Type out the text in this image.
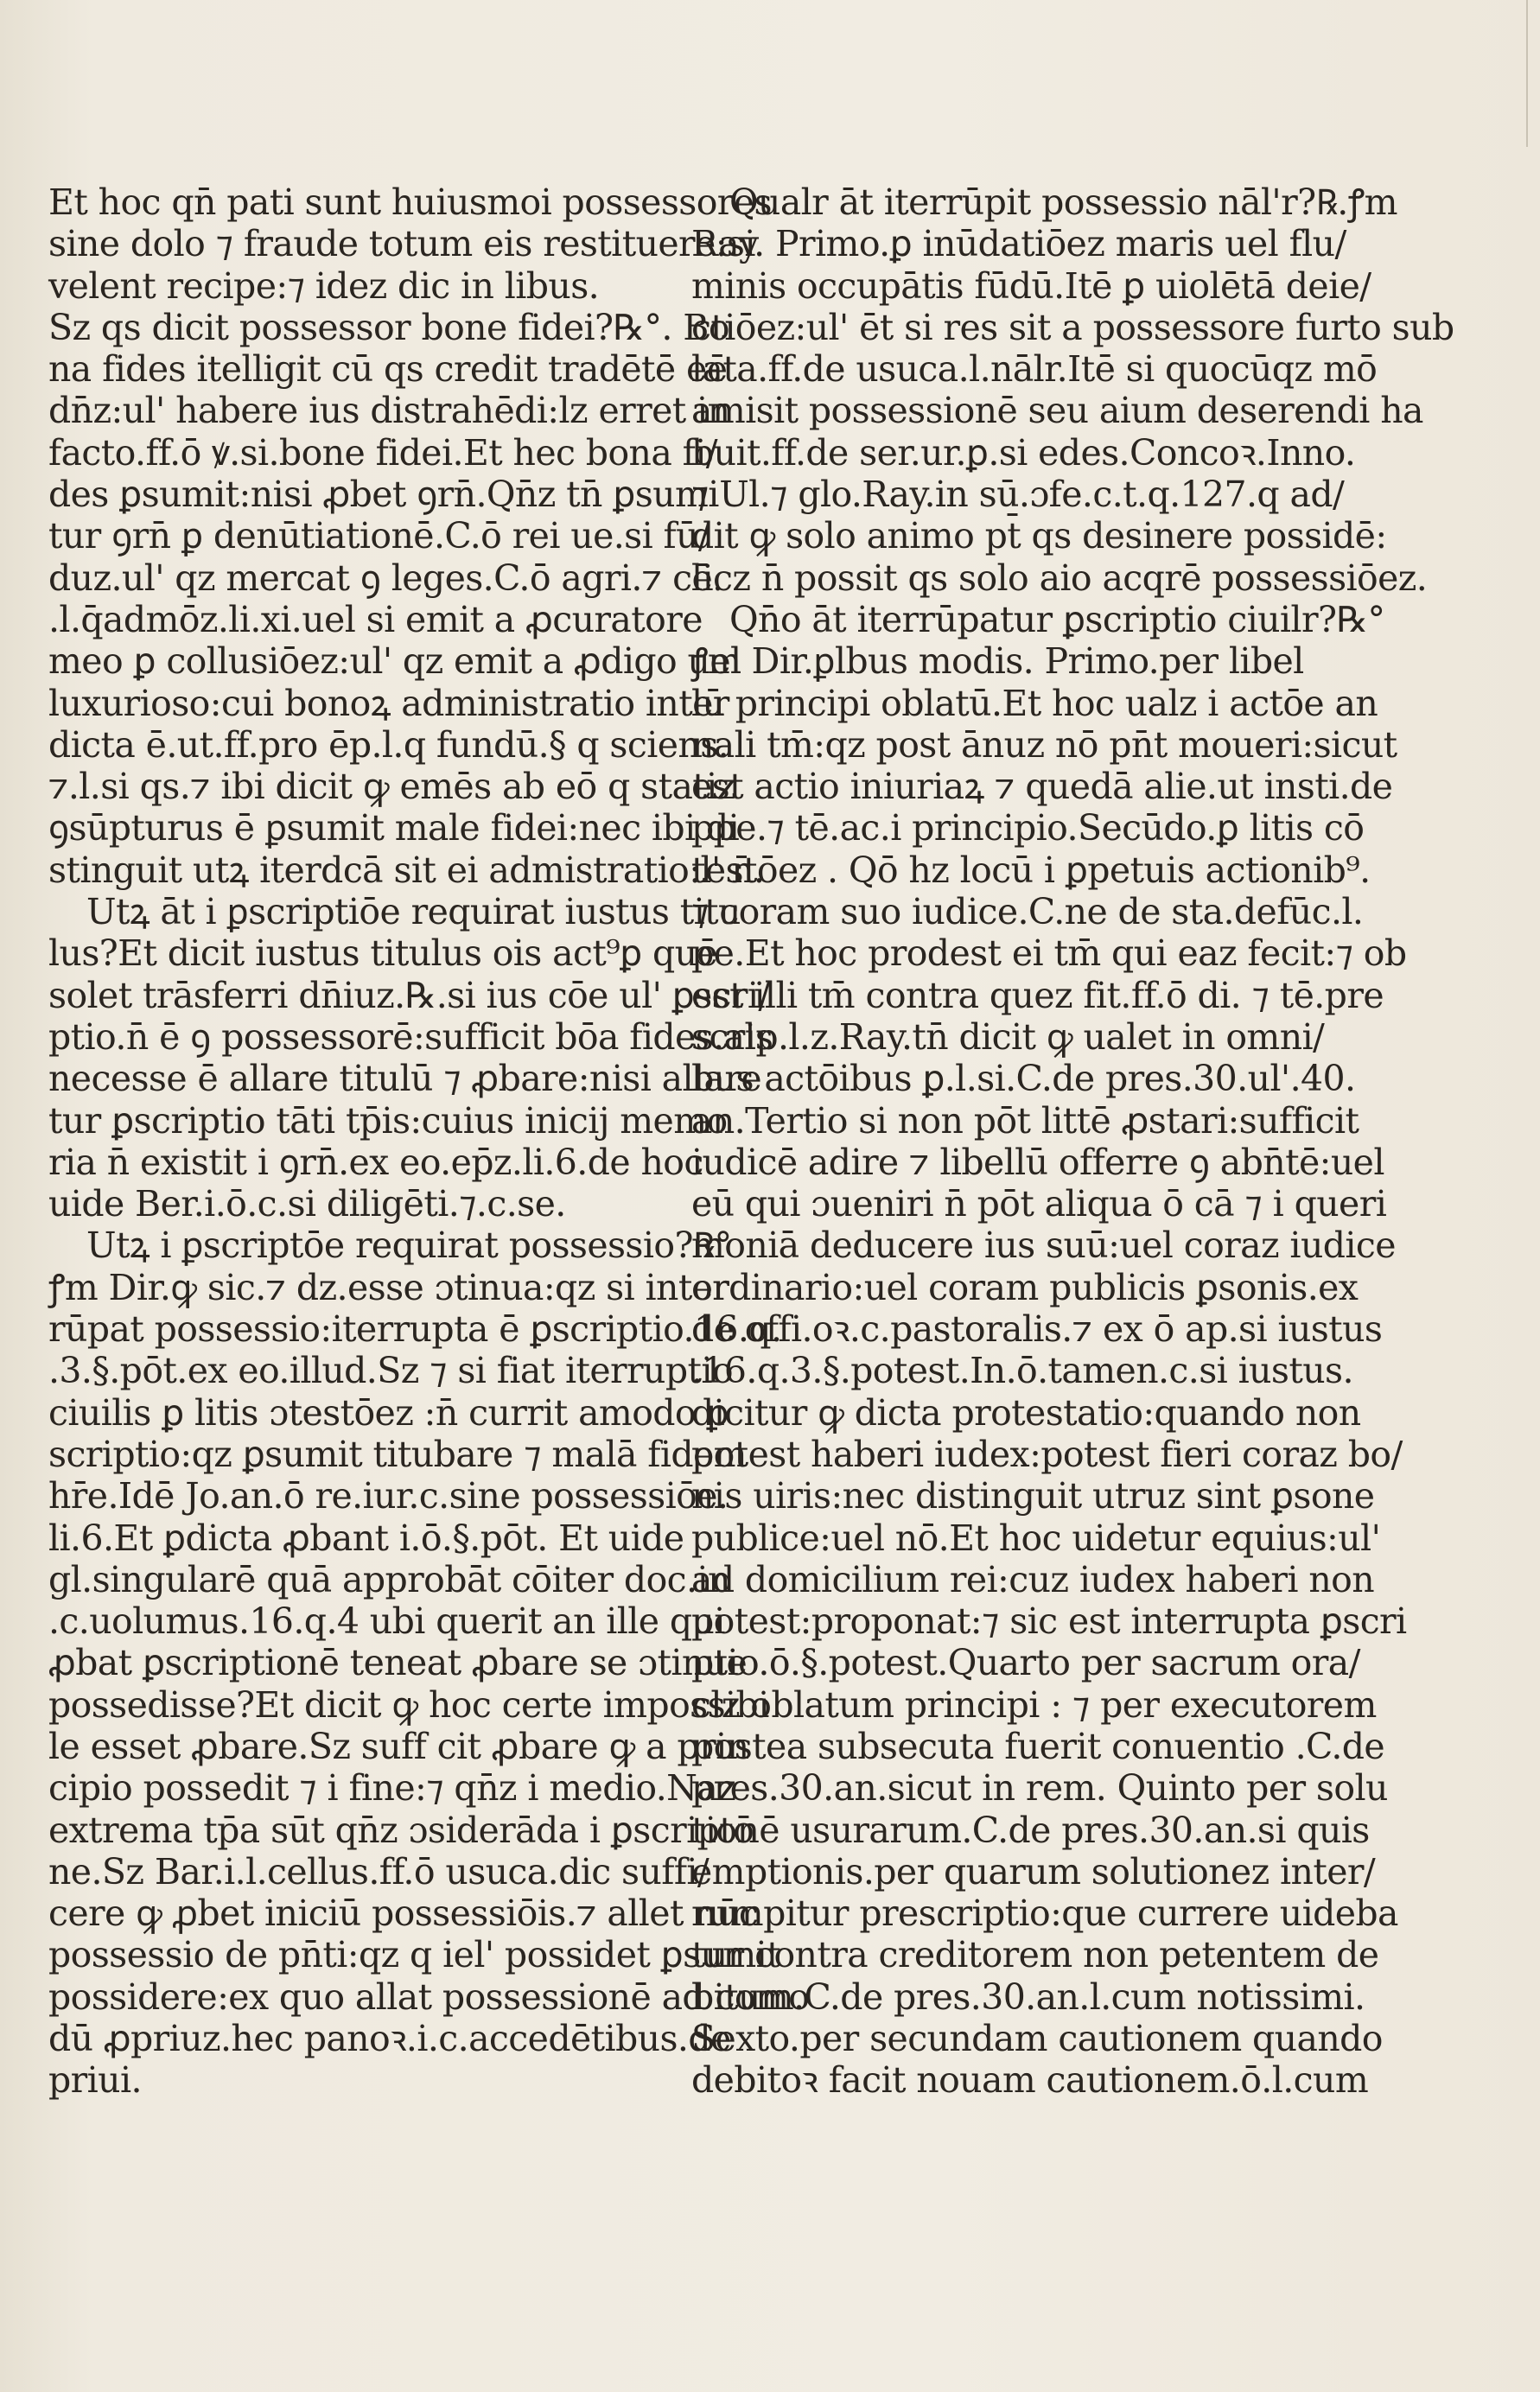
Et hoc qn̄ pati sunt huiusmoi possessores
sine dolo ⁊ fraude totum eis restituere:si
velent recipe:⁊ idez dic in libus.
Sz qs dicit possessor bone fidei?℞°. Bo
na fides itelligit cū qs credit tradētē eē
dn̄z:ul' habere ius distrahēdi:lz erret in
facto.ff.ō ꝟ.si.bone fidei.Et hec bona fi/
des ꝑsumit:nisi ꝓbet ꝯrn̄.Qn̄z tn̄ ꝑsumi
tur ꝯrn̄ ꝑ denūtiationē.C.ō rei ue.si fū/
duz.ul' qz mercat ꝯ leges.C.ō agri.⁊ cē.
.l.q̄admōz.li.xi.uel si emit a ꝓcuratore
meo ꝑ collusiōez:ul' qz emit a ꝓdigo uel
luxurioso:cui bonoꝝ administratio inter
dicta ē.ut.ff.pro ēp.l.q fundū.§ q sciens.
⁊.l.si qs.⁊ ibi dicit ꝙ emēs ab eō q statiz
ꝯsūpturus ē ꝑsumit male fidei:nec ibi di
stinguit utꝝ iterdcā sit ei admistratio:l' n̄.
Utꝝ āt i ꝑscriptiōe requirat iustus titu
lus?Et dicit iustus titulus ois act⁹ꝑ quē
solet trāsferri dn̄iuz.℞.si ius cōe ul' ꝑscri/
ptio.n̄ ē ꝯ possessorē:sufficit bōa fides.als
necesse ē allare titulū ⁊ ꝓbare:nisi allare
tur ꝑscriptio tāti tp̄is:cuius inicij memo
ria n̄ existit i ꝯrn̄.ex eo.ep̄z.li.6.de hoc
uide Ber.i.ō.c.si diligēti.⁊.c.se.
Utꝝ i ꝑscriptōe requirat possessio?℞°
ꝭm Dir.ꝙ sic.⁊ dz.esse ɔtinua:qz si inter
rūpat possessio:iterrupta ē ꝑscriptio.16.q.
.3.§.pōt.ex eo.illud.Sz ⁊ si fiat iterruptio
ciuilis ꝑ litis ɔtestōez :n̄ currit amodo ꝑ
scriptio:qz ꝑsumit titubare ⁊ malā fidem
hr̄e.Idē Jo.an.ō re.iur.c.sine possessiōe.
li.6.Et ꝑdicta ꝓbant i.ō.§.pōt. Et uide
gl.singularē quā approbāt cōiter doc.in
.c.uolumus.16.q.4 ubi querit an ille qui
ꝓbat ꝑscriptionē teneat ꝓbare se ɔtinue
possedisse?Et dicit ꝙ hoc certe impossibi
le esset ꝓbare.Sz suff cit ꝓbare ꝙ a prin
cipio possedit ⁊ i fine:⁊ qn̄z i medio.Naz
extrema tp̄a sūt qn̄z ɔsiderāda i ꝑscriptō
ne.Sz Bar.i.l.cellus.ff.ō usuca.dic suffi/
cere ꝙ ꝓbet iniciū possessiōis.⁊ allet nūc
possessio de pn̄ti:qz q iel' possidet ꝑsumit
possidere:ex quo allat possessionē ad como
dū ꝓpriuz.hec panoꝛ.i.c.accedētibus.de
priui.
Qualr āt iterrūpit possessio nāl'r?℞.ꝭm
Ray. Primo.ꝑ inūdatiōez maris uel flu/
minis occupātis fūdū.Itē ꝑ uiolētā deie/
ctiōez:ul' ēt si res sit a possessore furto sub
lata.ff.de usuca.l.nālr.Itē si quocūqz mō
amisit possessionē seu aium deserendi ha
buit.ff.de ser.ur.ꝑ.si edes.Concoꝛ.Inno.
⁊ Ul.⁊ glo.Ray.in sū.ɔfe.c.t.q.127.q ad/
dit ꝙ solo animo pt̄ qs desinere possidē:
licz n̄ possit qs solo aio acqrē possessiōez.
Qn̄o āt iterrūpatur ꝑscriptio ciuilr?℞°
ꝭm Dir.ꝑlbus modis. Primo.per libel
lū principi oblatū.Et hoc ualz i actōe an
nali tm̄:qz post ānuz nō pn̄t moueri:sicut
est actio iniuriaꝝ ⁊ quedā alie.ut insti.de
ppe.⁊ tē.ac.i principio.Secūdo.ꝑ litis cō
testōez . Qō hz locū i ꝑpetuis actionib⁹.
⁊ coram suo iudice.C.ne de sta.defūc.l.
pe.Et hoc prodest ei tm̄ qui eaz fecit:⁊ ob
est illi tm̄ contra quez fit.ff.ō di. ⁊ tē.pre
scrip.l.z.Ray.tn̄ dicit ꝙ ualet in omni/
bus actōibus ꝑ.l.si.C.de pres.30.ul'.40.
an.Tertio si non pōt littē ꝓstari:sufficit
iudicē adire ⁊ libellū offerre ꝯ abn̄tē:uel
eū qui ɔueniri n̄ pōt aliqua ō cā ⁊ i queri
moniā deducere ius suū:uel coraz iudice
ordinario:uel coram publicis ꝑsonis.ex
de offi.oꝛ.c.pastoralis.⁊ ex ō ap.si iustus
.16.q.3.§.potest.In.ō.tamen.c.si iustus.
dicitur ꝙ dicta protestatio:quando non
potest haberi iudex:potest fieri coraz bo/
nis uiris:nec distinguit utruz sint ꝑsone
publice:uel nō.Et hoc uidetur equius:ul'
ad domicilium rei:cuz iudex haberi non
potest:proponat:⁊ sic est interrupta ꝑscri
ptio.ō.§.potest.Quarto per sacrum ora/
clz oblatum principi : ⁊ per executorem
postea subsecuta fuerit conuentio .C.de
pres.30.an.sicut in rem. Quinto per solu
tionē usurarum.C.de pres.30.an.si quis
emptionis.per quarum solutionez inter/
rumpitur prescriptio:que currere uideba
tur contra creditorem non petentem de
bitum.C.de pres.30.an.l.cum notissimi.
Sexto.per secundam cautionem quando
debitoꝛ facit nouam cautionem.ō.l.cum
